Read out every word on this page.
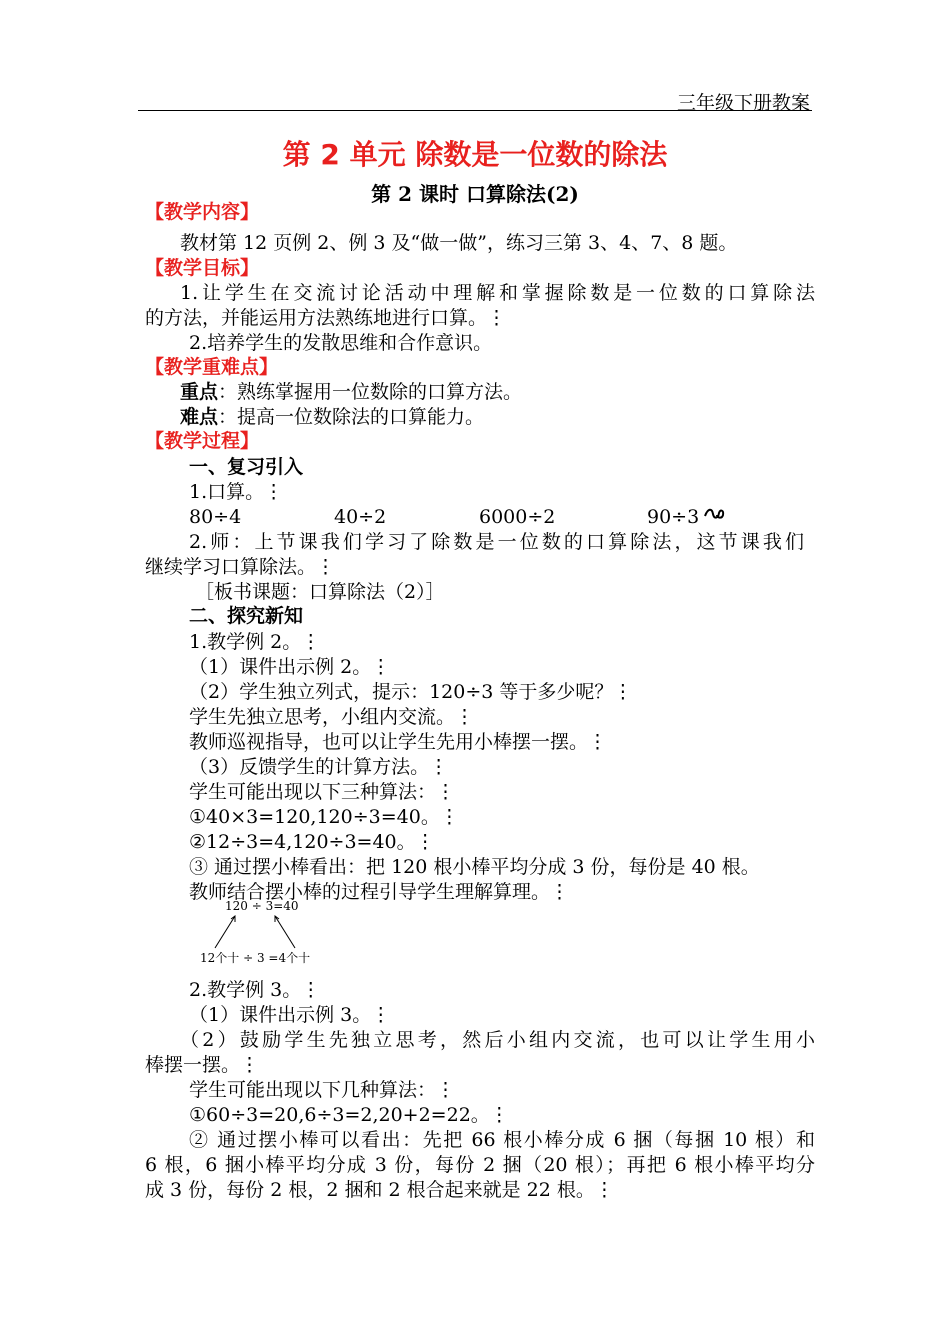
三年级下册教案
第 2 单元 除数是一位数的除法
第 2 课时 口算除法(2)
【教学内容】
教材第 12 页例 2、例 3 及“做一做”，练习三第 3、4、7、8 题。
【教学目标】
1.让学生在交流讨论活动中理解和掌握除数是一位数的口算除法
的方法，并能运用方法熟练地进行口算。⋮
2.培养学生的发散思维和合作意识。
【教学重难点】
重点：熟练掌握用一位数除的口算方法。
难点：提高一位数除法的口算能力。
【教学过程】
一、复习引入
1.口算。⋮
80÷4	40÷2	6000÷2	90÷3
2.师：上节课我们学习了除数是一位数的口算除法，这节课我们
继续学习口算除法。⋮
［板书课题：口算除法（2）］
二、探究新知
1.教学例 2。⋮
（1）课件出示例 2。⋮
（2）学生独立列式，提示：120÷3 等于多少呢？⋮
学生先独立思考，小组内交流。⋮
教师巡视指导，也可以让学生先用小棒摆一摆。⋮
（3）反馈学生的计算方法。⋮
学生可能出现以下三种算法：⋮
①40×3=120,120÷3=40。⋮
②12÷3=4,120÷3=40。⋮
③ 通过摆小棒看出：把 120 根小棒平均分成 3 份，每份是 40 根。
教师结合摆小棒的过程引导学生理解算理。⋮
120 ÷ 3=40
12个十 ÷ 3 =4个十
2.教学例 3。⋮
（1）课件出示例 3。⋮
（2）鼓励学生先独立思考，然后小组内交流，也可以让学生用小
棒摆一摆。⋮
学生可能出现以下几种算法：⋮
①60÷3=20,6÷3=2,20+2=22。⋮
② 通过摆小棒可以看出：先把 66 根小棒分成 6 捆（每捆 10 根）和
6 根，6 捆小棒平均分成 3 份，每份 2 捆（20 根）；再把 6 根小棒平均分
成 3 份，每份 2 根，2 捆和 2 根合起来就是 22 根。⋮
